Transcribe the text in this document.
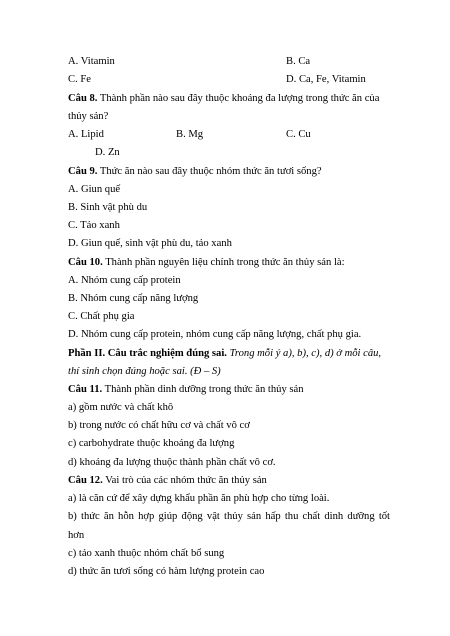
A. Vitamin	B. Ca
C. Fe	D. Ca, Fe, Vitamin
Câu 8. Thành phần nào sau đây thuộc khoáng đa lượng trong thức ăn của
thủy sản?
A. Lipid	B. Mg	C. Cu
D. Zn
Câu 9. Thức ăn nào sau đây thuộc nhóm thức ăn tươi sống?
A. Giun quế
B. Sinh vật phù du
C. Tảo xanh
D. Giun quế, sinh vật phù du, tảo xanh
Câu 10. Thành phần nguyên liệu chính trong thức ăn thủy sản là:
A. Nhóm cung cấp protein
B. Nhóm cung cấp năng lượng
C. Chất phụ gia
D. Nhóm cung cấp protein, nhóm cung cấp năng lượng, chất phụ gia.
Phần II. Câu trắc nghiệm đúng sai. Trong mỗi ý a), b), c), d) ở mỗi câu,
thí sinh chọn đúng hoặc sai. (Đ – S)
Câu 11. Thành phần dinh dưỡng trong thức ăn thủy sản
a) gồm nước và chất khô
b) trong nước có chất hữu cơ và chất vô cơ
c) carbohydrate thuộc khoáng đa lượng
d) khoáng đa lượng thuộc thành phần chất vô cơ.
Câu 12. Vai trò của các nhóm thức ăn thủy sản
a) là căn cứ để xây dựng khẩu phần ăn phù hợp cho từng loài.
b) thức ăn hỗn hợp giúp động vật thủy sản hấp thu chất dinh dưỡng tốt
hơn
c) tảo xanh thuộc nhóm chất bổ sung
d) thức ăn tươi sống có hàm lượng protein cao
